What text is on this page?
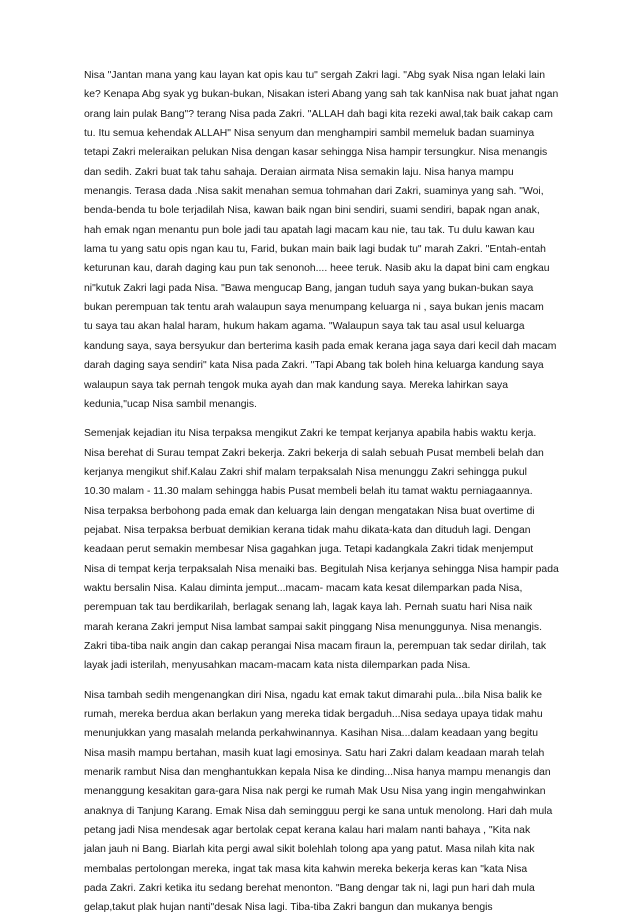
Nisa "Jantan mana yang kau layan kat opis kau tu" sergah Zakri lagi. "Abg syak Nisa ngan lelaki lain
ke? Kenapa Abg syak yg bukan-bukan, Nisakan isteri Abang yang sah tak kanNisa nak buat jahat ngan
orang lain pulak Bang"? terang Nisa pada Zakri. "ALLAH dah bagi kita rezeki awal,tak baik cakap cam
tu. Itu semua kehendak ALLAH" Nisa senyum dan menghampiri sambil memeluk badan suaminya
tetapi Zakri meleraikan pelukan Nisa dengan kasar sehingga Nisa hampir tersungkur. Nisa menangis
dan sedih. Zakri buat tak tahu sahaja. Deraian airmata Nisa semakin laju. Nisa hanya mampu
menangis. Terasa dada .Nisa sakit menahan semua tohmahan dari Zakri, suaminya yang sah. "Woi,
benda-benda tu bole terjadilah Nisa, kawan baik ngan bini sendiri, suami sendiri, bapak ngan anak,
hah emak ngan menantu pun bole jadi tau apatah lagi macam kau nie, tau tak. Tu dulu kawan kau
lama tu yang satu opis ngan kau tu, Farid, bukan main baik lagi budak tu" marah Zakri. "Entah-entah
keturunan kau, darah daging kau pun tak senonoh.... heee teruk. Nasib aku la dapat bini cam engkau
ni"kutuk Zakri lagi pada Nisa. "Bawa mengucap Bang, jangan tuduh saya yang bukan-bukan saya
bukan perempuan tak tentu arah walaupun saya menumpang keluarga ni , saya bukan jenis macam
tu saya tau akan halal haram, hukum hakam agama. "Walaupun saya tak tau asal usul keluarga
kandung saya, saya bersyukur dan berterima kasih pada emak kerana jaga saya dari kecil dah macam
darah daging saya sendiri" kata Nisa pada Zakri. "Tapi Abang tak boleh hina keluarga kandung saya
walaupun saya tak pernah tengok muka ayah dan mak kandung saya. Mereka lahirkan saya
kedunia,"ucap Nisa sambil menangis.
Semenjak kejadian itu Nisa terpaksa mengikut Zakri ke tempat kerjanya apabila habis waktu kerja.
Nisa berehat di Surau tempat Zakri bekerja. Zakri bekerja di salah sebuah Pusat membeli belah dan
kerjanya mengikut shif.Kalau Zakri shif malam terpaksalah Nisa menunggu Zakri sehingga pukul
10.30 malam - 11.30 malam sehingga habis Pusat membeli belah itu tamat waktu perniagaannya.
Nisa terpaksa berbohong pada emak dan keluarga lain dengan mengatakan Nisa buat overtime di
pejabat. Nisa terpaksa berbuat demikian kerana tidak mahu dikata-kata dan dituduh lagi. Dengan
keadaan perut semakin membesar Nisa gagahkan juga. Tetapi kadangkala Zakri tidak menjemput
Nisa di tempat kerja terpaksalah Nisa menaiki bas. Begitulah Nisa kerjanya sehingga Nisa hampir pada
waktu bersalin Nisa. Kalau diminta jemput...macam- macam kata kesat dilemparkan pada Nisa,
perempuan tak tau berdikarilah, berlagak senang lah, lagak kaya lah. Pernah suatu hari Nisa naik
marah kerana Zakri jemput Nisa lambat sampai sakit pinggang Nisa menunggunya. Nisa menangis.
Zakri tiba-tiba naik angin dan cakap perangai Nisa macam firaun la, perempuan tak sedar dirilah, tak
layak jadi isterilah, menyusahkan macam-macam kata nista dilemparkan pada Nisa.
Nisa tambah sedih mengenangkan diri Nisa, ngadu kat emak takut dimarahi pula...bila Nisa balik ke
rumah, mereka berdua akan berlakun yang mereka tidak bergaduh...Nisa sedaya upaya tidak mahu
menunjukkan yang masalah melanda perkahwinannya. Kasihan Nisa...dalam keadaan yang begitu
Nisa masih mampu bertahan, masih kuat lagi emosinya. Satu hari Zakri dalam keadaan marah telah
menarik rambut Nisa dan menghantukkan kepala Nisa ke dinding...Nisa hanya mampu menangis dan
menanggung kesakitan gara-gara Nisa nak pergi ke rumah Mak Usu Nisa yang ingin mengahwinkan
anaknya di Tanjung Karang. Emak Nisa dah semingguu pergi ke sana untuk menolong. Hari dah mula
petang jadi Nisa mendesak agar bertolak cepat kerana kalau hari malam nanti bahaya , "Kita nak
jalan jauh ni Bang. Biarlah kita pergi awal sikit bolehlah tolong apa yang patut. Masa nilah kita nak
membalas pertolongan mereka, ingat tak masa kita kahwin mereka bekerja keras kan "kata Nisa
pada Zakri. Zakri ketika itu sedang berehat menonton. "Bang dengar tak ni, lagi pun hari dah mula
gelap,takut plak hujan nanti"desak Nisa lagi. Tiba-tiba Zakri bangun dan mukanya bengis
